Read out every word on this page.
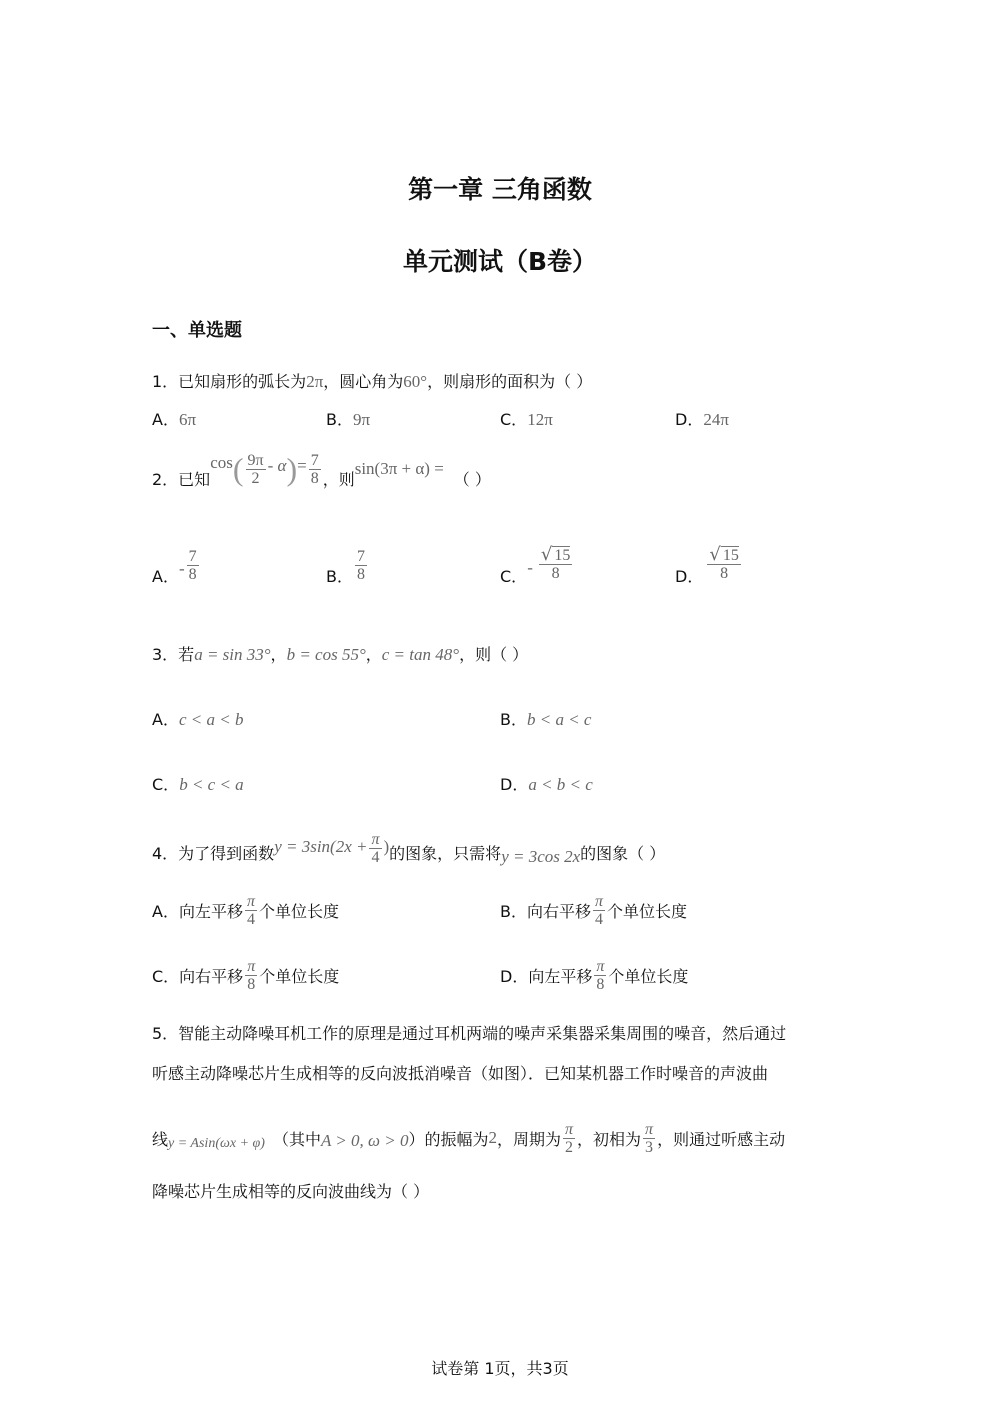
第一章 三角函数
单元测试（B卷）
一、单选题
1．已知扇形的弧长为2π，圆心角为60°，则扇形的面积为（ ）
A．6π	B．9π	C．12π	D．24π
2．已知
cos ( $\frac{9\pi}{2}$ - α ) = $\frac{7}{8}$ ，则
sin(3π + α) =
（ ）
A． - $\frac{7}{8}$	B． $\frac{7}{8}$	C． - $\frac{√ 15}{8}$	D． $\frac{√ 15}{8}$
3．若a = sin 33°，b = cos 55°，c = tan 48°，则（ ）
A．c < a < b	B．b < a < c
C．b < c < a	D．a < b < c
4．为了得到函数 $y = 3\sin(2x + \frac{\pi}{4}$ ) 的图象，只需将 y = 3cos 2x 的图象（ ）
A．向左平移 $\frac{\pi}{4}$ 个单位长度	B．向右平移 $\frac{\pi}{4}$ 个单位长度
C．向右平移 $\frac{\pi}{8}$ 个单位长度	D．向左平移 $\frac{\pi}{8}$ 个单位长度
5．智能主动降噪耳机工作的原理是通过耳机两端的噪声采集器采集周围的噪音，然后通过
听感主动降噪芯片生成相等的反向波抵消噪音（如图）．已知某机器工作时噪音的声波曲
线 y = Asin(ωx + φ) （其中 A > 0, ω > 0 ）的振幅为 2 ，周期为 $\frac{\pi}{2}$ ，初相为 $\frac{\pi}{3}$ ，则通过听感主动
降噪芯片生成相等的反向波曲线为（ ）
试卷第 1页，共3页
